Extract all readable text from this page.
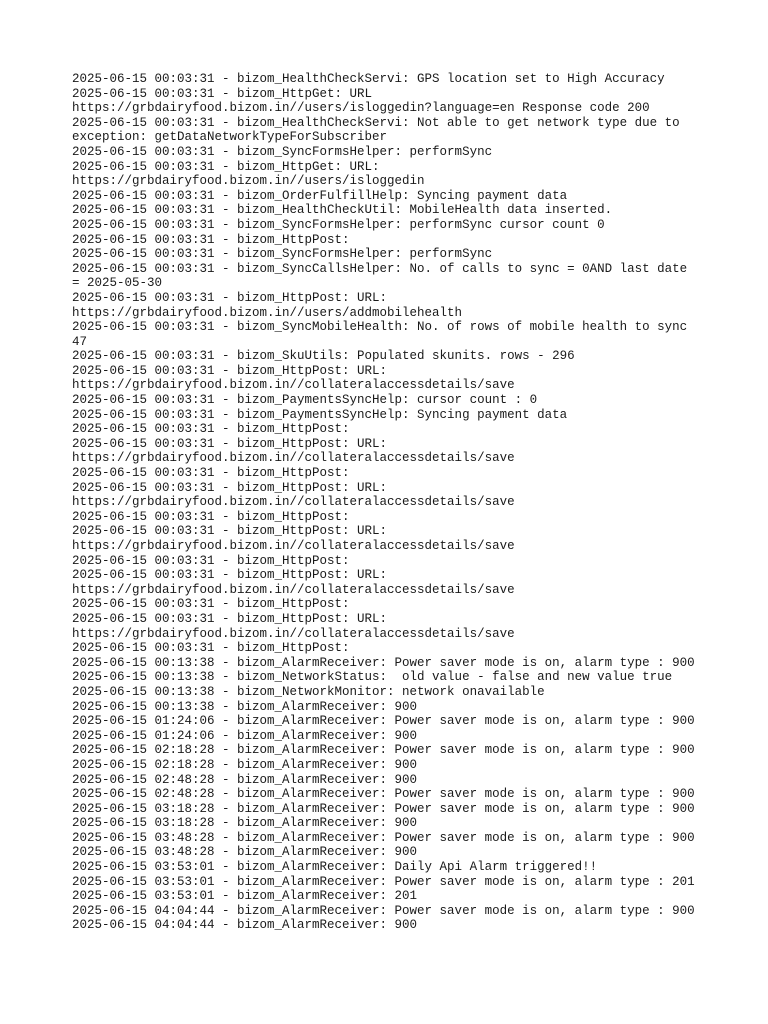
2025-06-15 00:03:31 - bizom_HealthCheckServi: GPS location set to High Accuracy
2025-06-15 00:03:31 - bizom_HttpGet: URL
https://grbdairyfood.bizom.in//users/isloggedin?language=en Response code 200
2025-06-15 00:03:31 - bizom_HealthCheckServi: Not able to get network type due to
exception: getDataNetworkTypeForSubscriber
2025-06-15 00:03:31 - bizom_SyncFormsHelper: performSync
2025-06-15 00:03:31 - bizom_HttpGet: URL:
https://grbdairyfood.bizom.in//users/isloggedin
2025-06-15 00:03:31 - bizom_OrderFulfillHelp: Syncing payment data
2025-06-15 00:03:31 - bizom_HealthCheckUtil: MobileHealth data inserted.
2025-06-15 00:03:31 - bizom_SyncFormsHelper: performSync cursor count 0
2025-06-15 00:03:31 - bizom_HttpPost:
2025-06-15 00:03:31 - bizom_SyncFormsHelper: performSync
2025-06-15 00:03:31 - bizom_SyncCallsHelper: No. of calls to sync = 0AND last date
= 2025-05-30
2025-06-15 00:03:31 - bizom_HttpPost: URL:
https://grbdairyfood.bizom.in//users/addmobilehealth
2025-06-15 00:03:31 - bizom_SyncMobileHealth: No. of rows of mobile health to sync
47
2025-06-15 00:03:31 - bizom_SkuUtils: Populated skunits. rows - 296
2025-06-15 00:03:31 - bizom_HttpPost: URL:
https://grbdairyfood.bizom.in//collateralaccessdetails/save
2025-06-15 00:03:31 - bizom_PaymentsSyncHelp: cursor count : 0
2025-06-15 00:03:31 - bizom_PaymentsSyncHelp: Syncing payment data
2025-06-15 00:03:31 - bizom_HttpPost:
2025-06-15 00:03:31 - bizom_HttpPost: URL:
https://grbdairyfood.bizom.in//collateralaccessdetails/save
2025-06-15 00:03:31 - bizom_HttpPost:
2025-06-15 00:03:31 - bizom_HttpPost: URL:
https://grbdairyfood.bizom.in//collateralaccessdetails/save
2025-06-15 00:03:31 - bizom_HttpPost:
2025-06-15 00:03:31 - bizom_HttpPost: URL:
https://grbdairyfood.bizom.in//collateralaccessdetails/save
2025-06-15 00:03:31 - bizom_HttpPost:
2025-06-15 00:03:31 - bizom_HttpPost: URL:
https://grbdairyfood.bizom.in//collateralaccessdetails/save
2025-06-15 00:03:31 - bizom_HttpPost:
2025-06-15 00:03:31 - bizom_HttpPost: URL:
https://grbdairyfood.bizom.in//collateralaccessdetails/save
2025-06-15 00:03:31 - bizom_HttpPost:
2025-06-15 00:13:38 - bizom_AlarmReceiver: Power saver mode is on, alarm type : 900
2025-06-15 00:13:38 - bizom_NetworkStatus:  old value - false and new value true
2025-06-15 00:13:38 - bizom_NetworkMonitor: network onavailable
2025-06-15 00:13:38 - bizom_AlarmReceiver: 900
2025-06-15 01:24:06 - bizom_AlarmReceiver: Power saver mode is on, alarm type : 900
2025-06-15 01:24:06 - bizom_AlarmReceiver: 900
2025-06-15 02:18:28 - bizom_AlarmReceiver: Power saver mode is on, alarm type : 900
2025-06-15 02:18:28 - bizom_AlarmReceiver: 900
2025-06-15 02:48:28 - bizom_AlarmReceiver: 900
2025-06-15 02:48:28 - bizom_AlarmReceiver: Power saver mode is on, alarm type : 900
2025-06-15 03:18:28 - bizom_AlarmReceiver: Power saver mode is on, alarm type : 900
2025-06-15 03:18:28 - bizom_AlarmReceiver: 900
2025-06-15 03:48:28 - bizom_AlarmReceiver: Power saver mode is on, alarm type : 900
2025-06-15 03:48:28 - bizom_AlarmReceiver: 900
2025-06-15 03:53:01 - bizom_AlarmReceiver: Daily Api Alarm triggered!!
2025-06-15 03:53:01 - bizom_AlarmReceiver: Power saver mode is on, alarm type : 201
2025-06-15 03:53:01 - bizom_AlarmReceiver: 201
2025-06-15 04:04:44 - bizom_AlarmReceiver: Power saver mode is on, alarm type : 900
2025-06-15 04:04:44 - bizom_AlarmReceiver: 900
